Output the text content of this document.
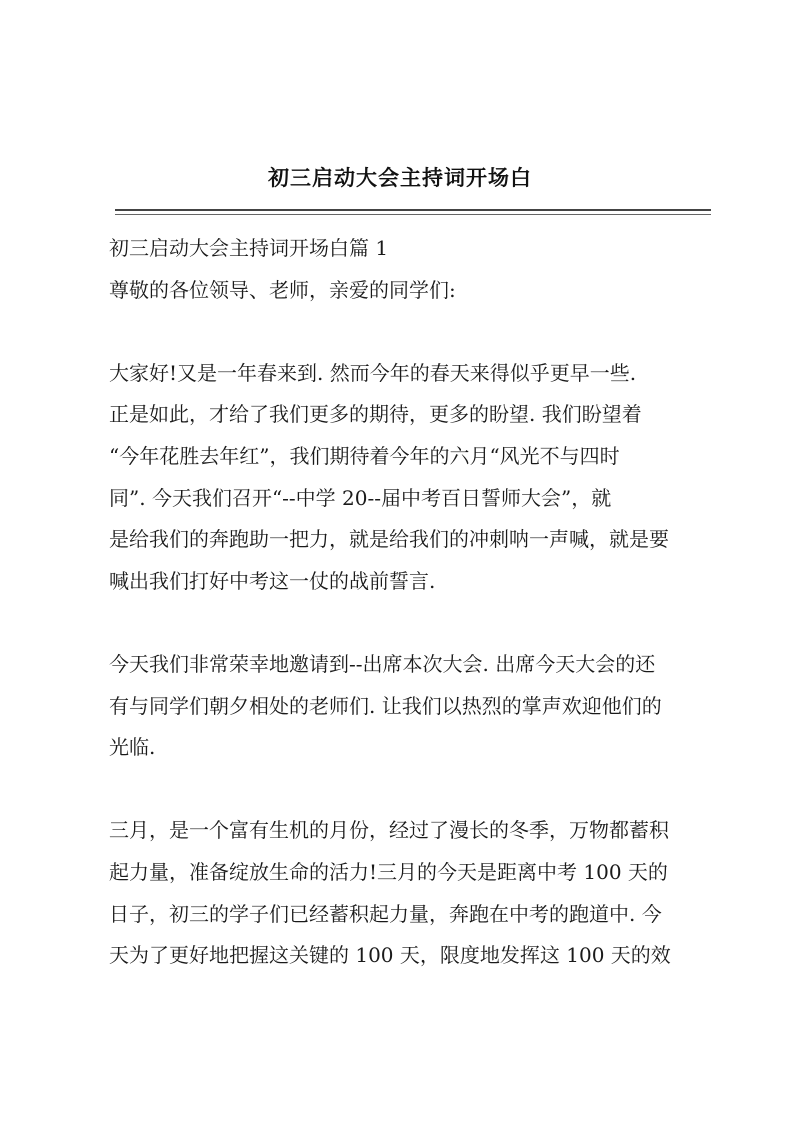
初三启动大会主持词开场白
初三启动大会主持词开场白篇 1
尊敬的各位领导、老师，亲爱的同学们:
大家好!又是一年春来到. 然而今年的春天来得似乎更早一些.
正是如此，才给了我们更多的期待，更多的盼望. 我们盼望着
“今年花胜去年红”，我们期待着今年的六月“风光不与四时
同”. 今天我们召开“--中学 20--届中考百日誓师大会”，就
是给我们的奔跑助一把力，就是给我们的冲刺呐一声喊，就是要
喊出我们打好中考这一仗的战前誓言.
今天我们非常荣幸地邀请到--出席本次大会. 出席今天大会的还
有与同学们朝夕相处的老师们. 让我们以热烈的掌声欢迎他们的
光临.
三月，是一个富有生机的月份，经过了漫长的冬季，万物都蓄积
起力量，准备绽放生命的活力!三月的今天是距离中考 100 天的
日子，初三的学子们已经蓄积起力量，奔跑在中考的跑道中. 今
天为了更好地把握这关键的 100 天，限度地发挥这 100 天的效
